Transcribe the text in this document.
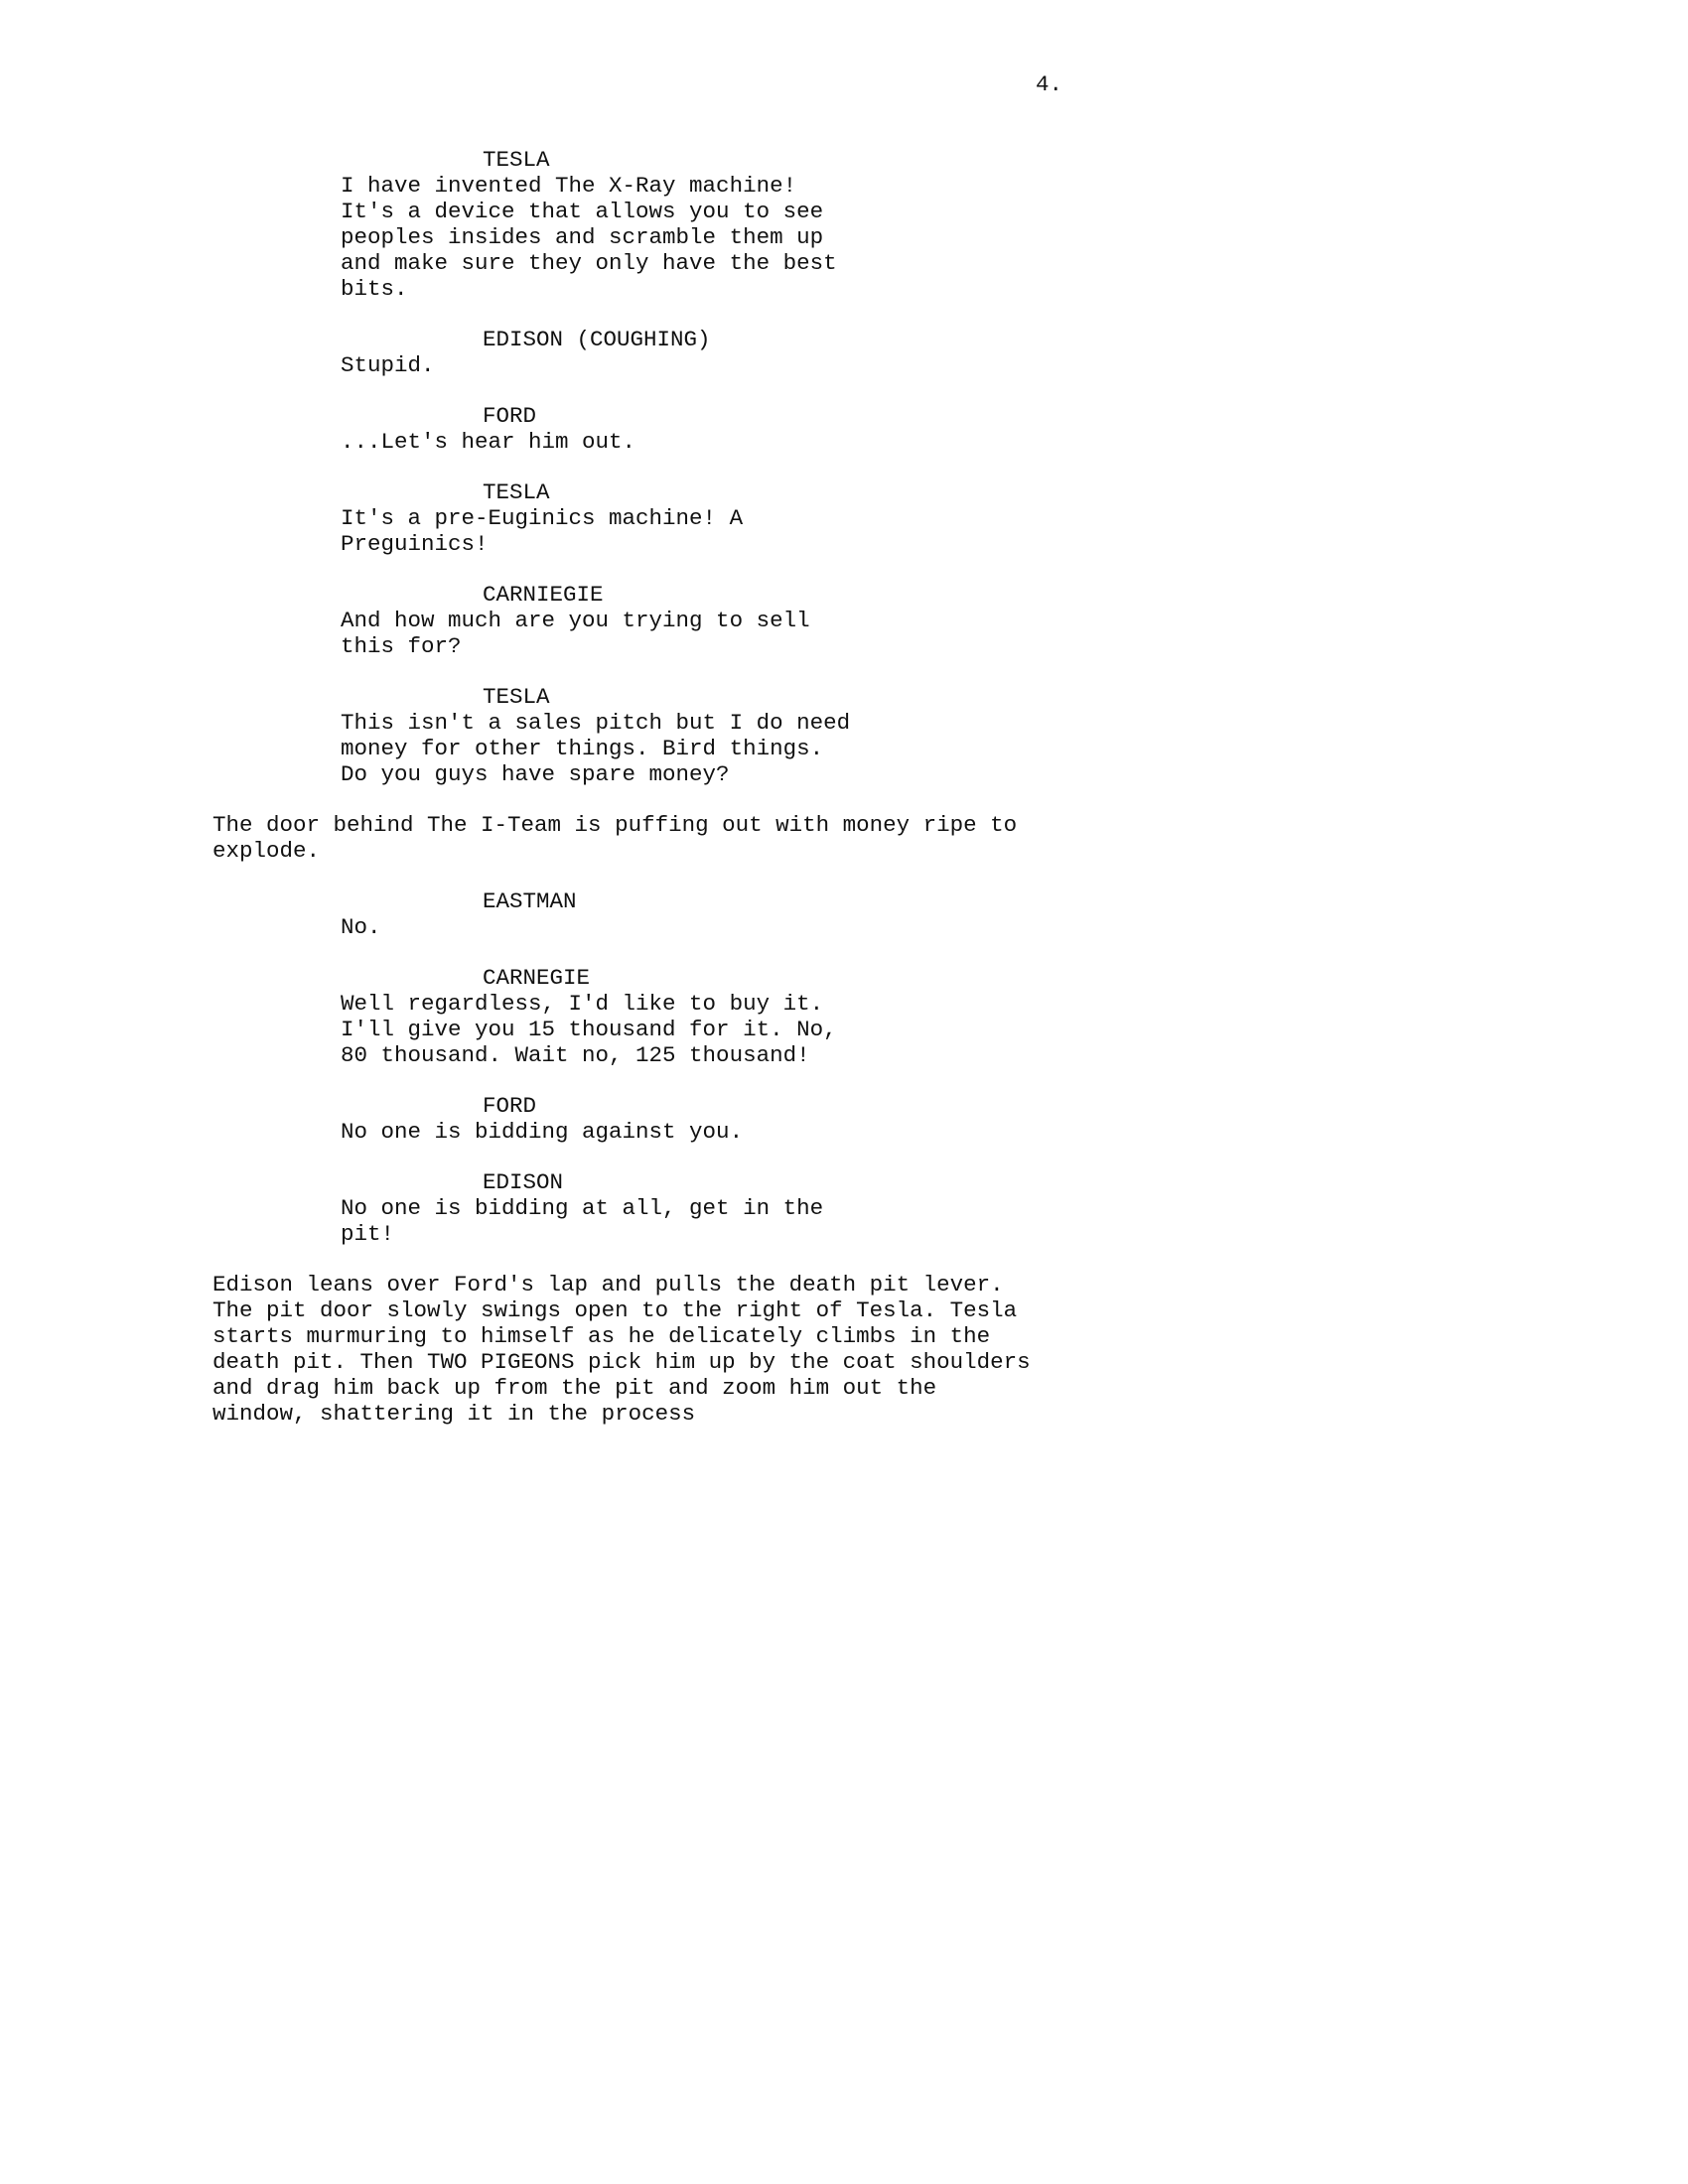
4.
TESLA
I have invented The X-Ray machine!
It's a device that allows you to see
peoples insides and scramble them up
and make sure they only have the best
bits.
EDISON (COUGHING)
Stupid.
FORD
...Let's hear him out.
TESLA
It's a pre-Euginics machine! A
Preguinics!
CARNIEGIE
And how much are you trying to sell
this for?
TESLA
This isn't a sales pitch but I do need
money for other things. Bird things.
Do you guys have spare money?
The door behind The I-Team is puffing out with money ripe to
explode.
EASTMAN
No.
CARNEGIE
Well regardless, I'd like to buy it.
I'll give you 15 thousand for it. No,
80 thousand. Wait no, 125 thousand!
FORD
No one is bidding against you.
EDISON
No one is bidding at all, get in the
pit!
Edison leans over Ford's lap and pulls the death pit lever.
The pit door slowly swings open to the right of Tesla. Tesla
starts murmuring to himself as he delicately climbs in the
death pit. Then TWO PIGEONS pick him up by the coat shoulders
and drag him back up from the pit and zoom him out the
window, shattering it in the process
